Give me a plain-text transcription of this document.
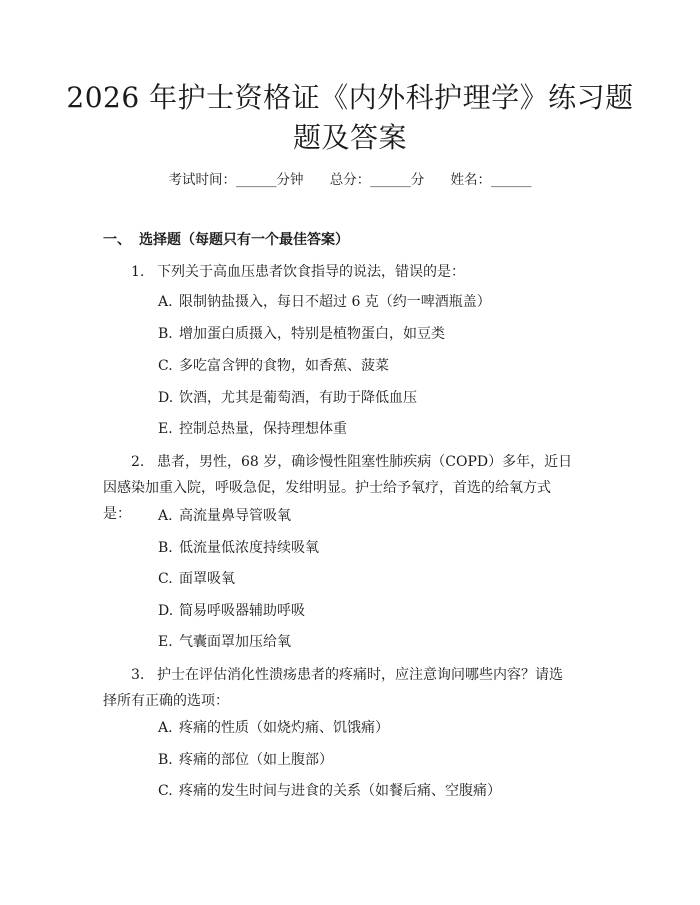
2026 年护士资格证《内外科护理学》练习题
题及答案
考试时间：______分钟 总分：______分 姓名：______
一、 选择题（每题只有一个最佳答案）
1. 下列关于高血压患者饮食指导的说法，错误的是：
A. 限制钠盐摄入，每日不超过 6 克（约一啤酒瓶盖）
B. 增加蛋白质摄入，特别是植物蛋白，如豆类
C. 多吃富含钾的食物，如香蕉、菠菜
D. 饮酒，尤其是葡萄酒，有助于降低血压
E. 控制总热量，保持理想体重
2. 患者，男性，68 岁，确诊慢性阻塞性肺疾病（COPD）多年，近日因感染加重入院，呼吸急促，发绀明显。护士给予氧疗，首选的给氧方式是：	A. 高流量鼻导管吸氧
B. 低流量低浓度持续吸氧
C. 面罩吸氧
D. 简易呼吸器辅助呼吸
E. 气囊面罩加压给氧
3. 护士在评估消化性溃疡患者的疼痛时，应注意询问哪些内容？请选择所有正确的选项：
A. 疼痛的性质（如烧灼痛、饥饿痛）
B. 疼痛的部位（如上腹部）
C. 疼痛的发生时间与进食的关系（如餐后痛、空腹痛）
